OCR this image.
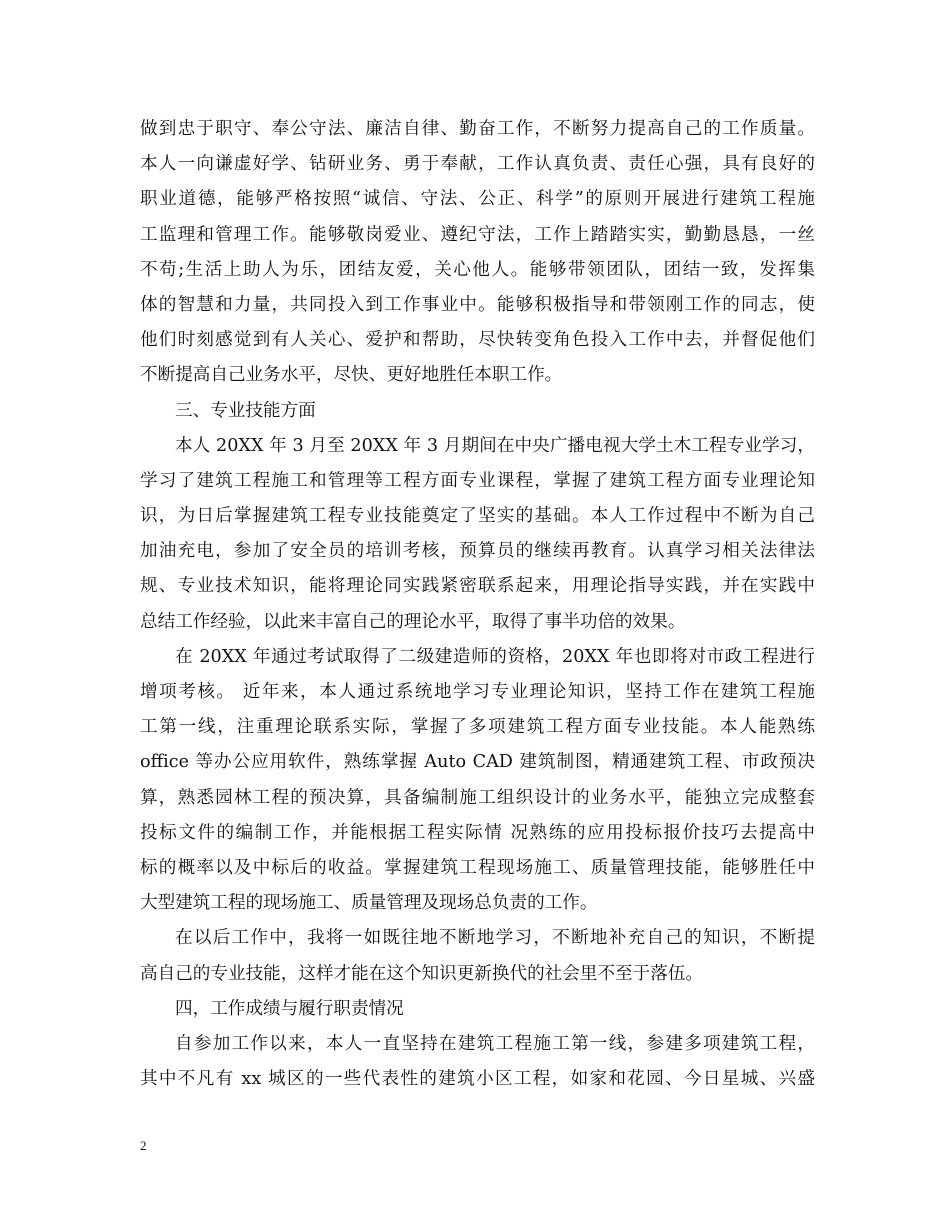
做到忠于职守、奉公守法、廉洁自律、勤奋工作，不断努力提高自己的工作质量。
本人一向谦虚好学、钻研业务、勇于奉献，工作认真负责、责任心强，具有良好的
职业道德，能够严格按照“诚信、守法、公正、科学”的原则开展进行建筑工程施
工监理和管理工作。能够敬岗爱业、遵纪守法，工作上踏踏实实，勤勤恳恳，一丝
不苟;生活上助人为乐，团结友爱，关心他人。能够带领团队，团结一致，发挥集
体的智慧和力量，共同投入到工作事业中。能够积极指导和带领刚工作的同志，使
他们时刻感觉到有人关心、爱护和帮助，尽快转变角色投入工作中去，并督促他们
不断提高自己业务水平，尽快、更好地胜任本职工作。
三、专业技能方面
本人 20XX 年 3 月至 20XX 年 3 月期间在中央广播电视大学土木工程专业学习，
学习了建筑工程施工和管理等工程方面专业课程，掌握了建筑工程方面专业理论知
识，为日后掌握建筑工程专业技能奠定了坚实的基础。本人工作过程中不断为自己
加油充电，参加了安全员的培训考核，预算员的继续再教育。认真学习相关法律法
规、专业技术知识，能将理论同实践紧密联系起来，用理论指导实践，并在实践中
总结工作经验，以此来丰富自己的理论水平，取得了事半功倍的效果。
在 20XX 年通过考试取得了二级建造师的资格，20XX 年也即将对市政工程进行
增项考核。 近年来，本人通过系统地学习专业理论知识，坚持工作在建筑工程施
工第一线，注重理论联系实际，掌握了多项建筑工程方面专业技能。本人能熟练
office 等办公应用软件，熟练掌握 Auto CAD 建筑制图，精通建筑工程、市政预决
算，熟悉园林工程的预决算，具备编制施工组织设计的业务水平，能独立完成整套
投标文件的编制工作，并能根据工程实际情 况熟练的应用投标报价技巧去提高中
标的概率以及中标后的收益。掌握建筑工程现场施工、质量管理技能，能够胜任中
大型建筑工程的现场施工、质量管理及现场总负责的工作。
在以后工作中，我将一如既往地不断地学习，不断地补充自己的知识，不断提
高自己的专业技能，这样才能在这个知识更新换代的社会里不至于落伍。
四，工作成绩与履行职责情况
自参加工作以来，本人一直坚持在建筑工程施工第一线，参建多项建筑工程，
其中不凡有 xx 城区的一些代表性的建筑小区工程，如家和花园、今日星城、兴盛
2
